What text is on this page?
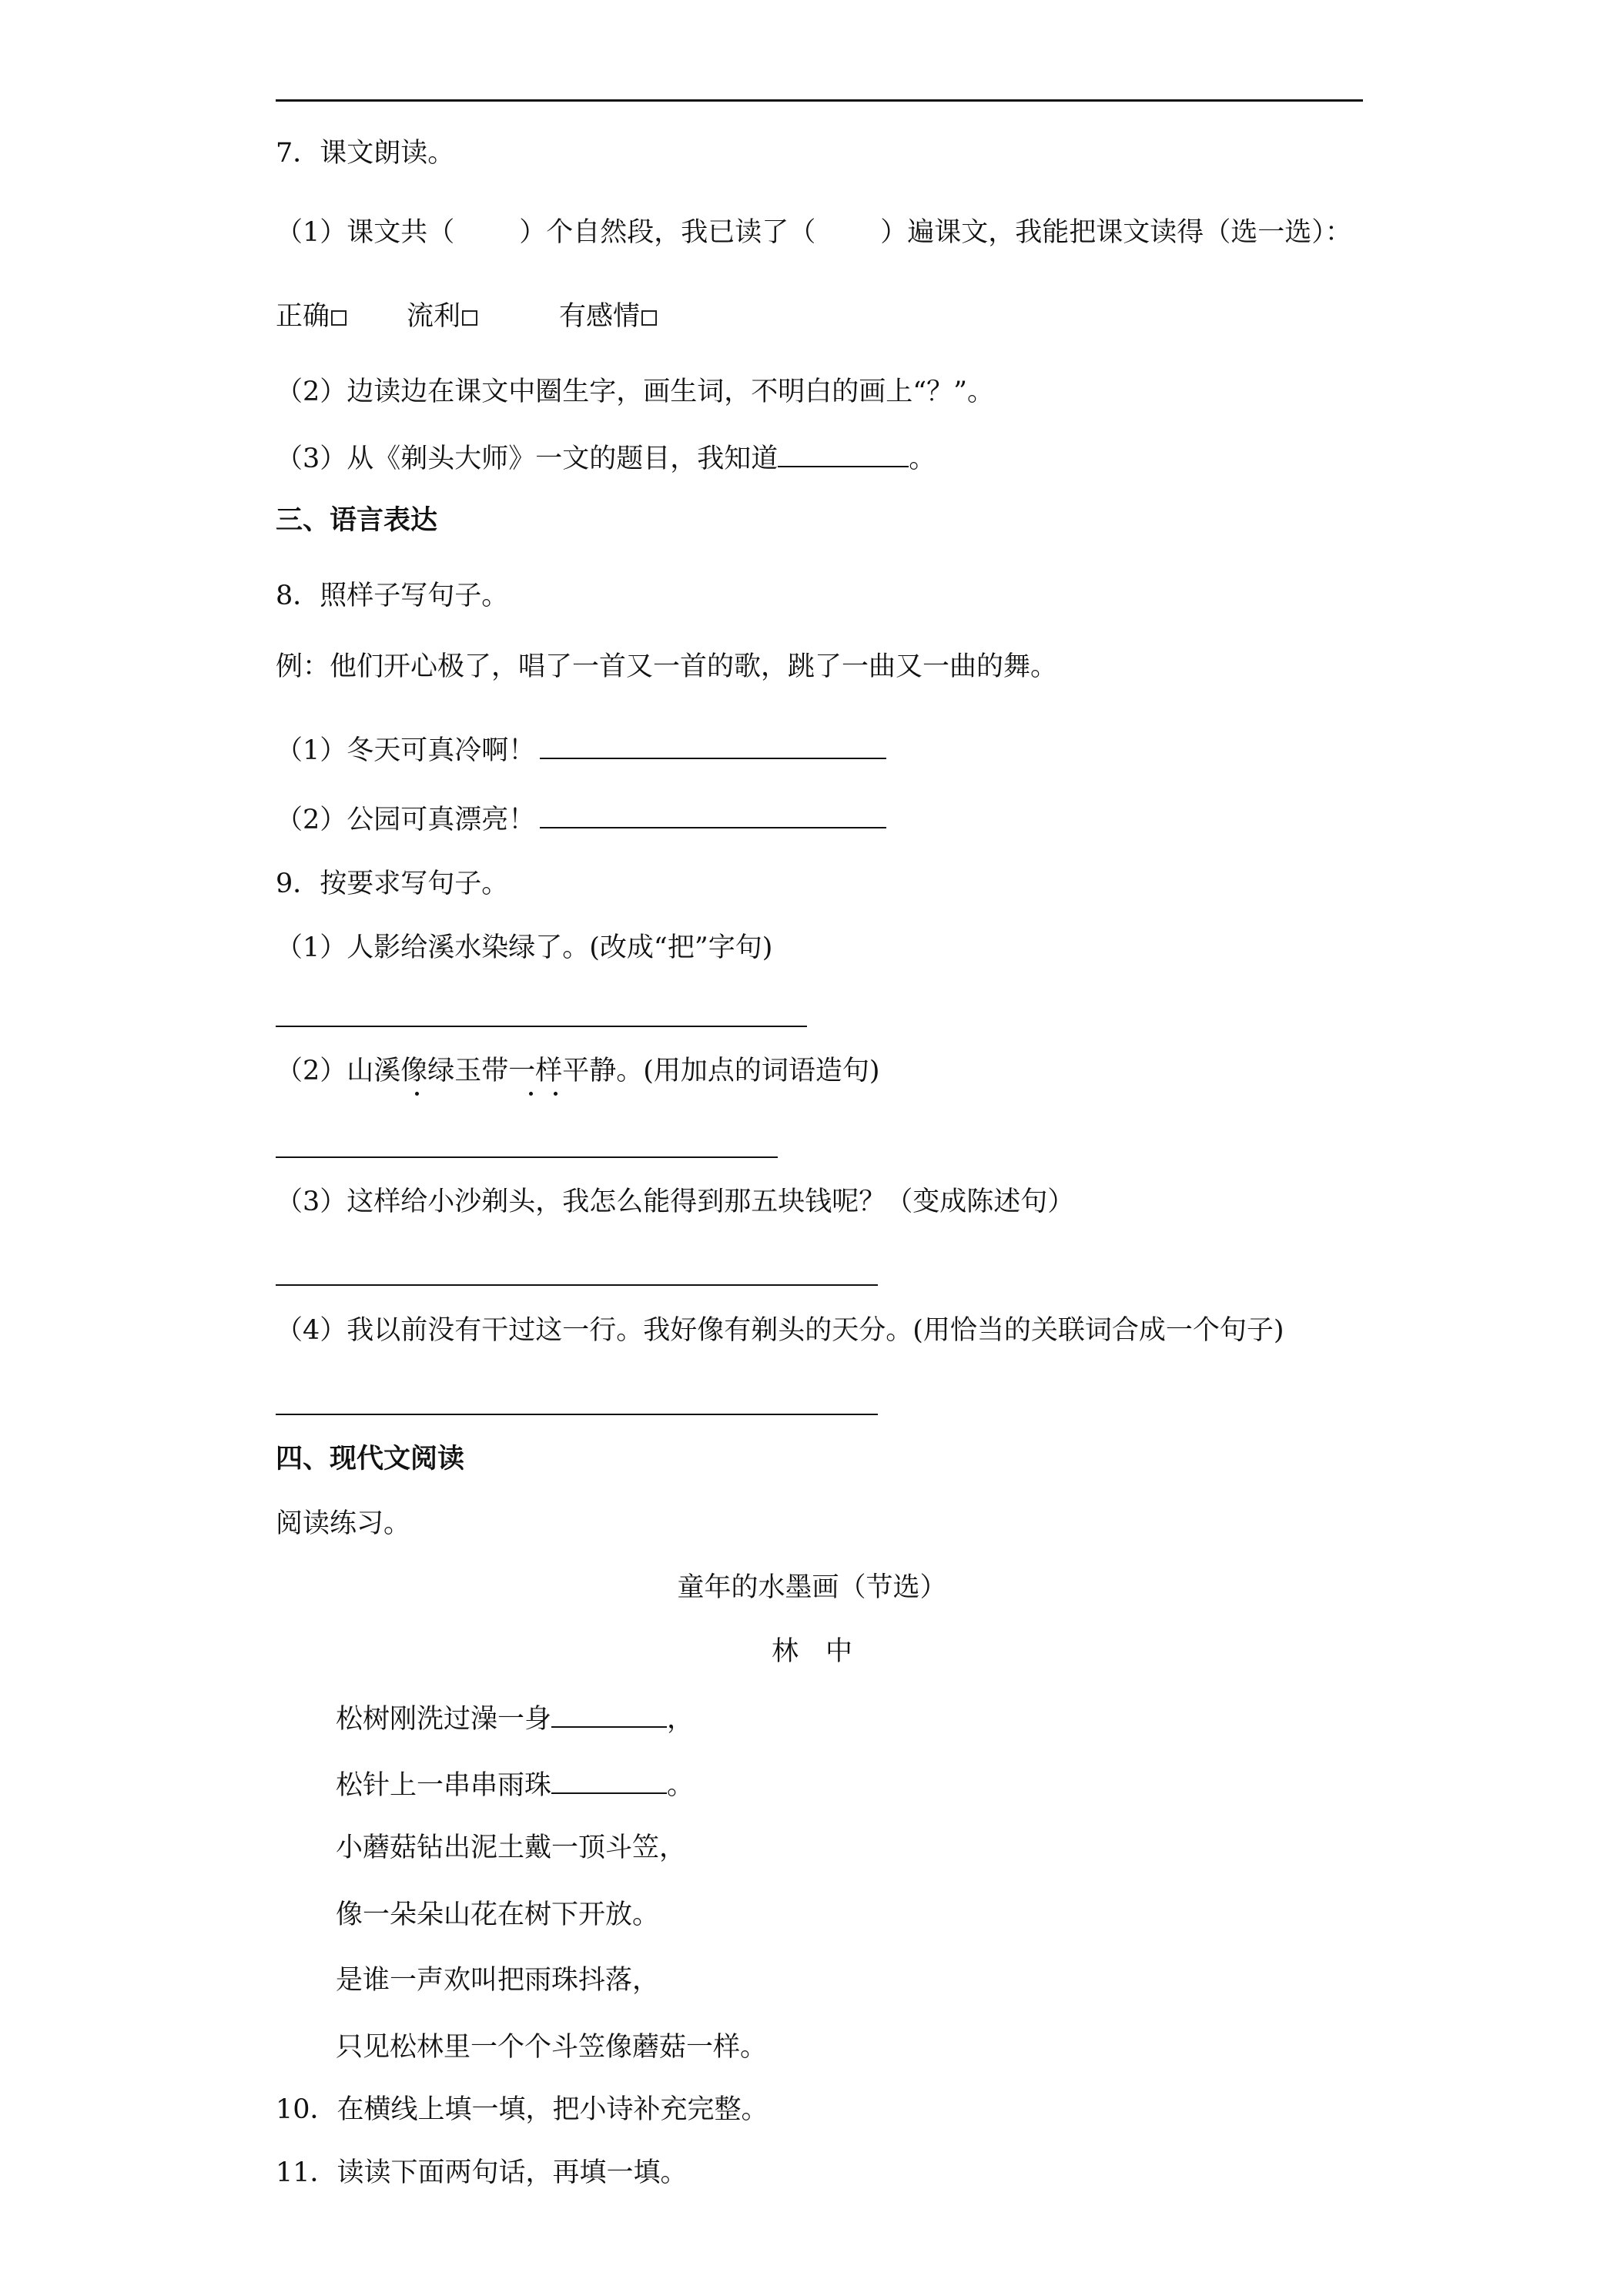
7．课文朗读。
（1）课文共（ ）个自然段，我已读了（ ）遍课文，我能把课文读得（选一选）：
正确	流利	有感情
（2）边读边在课文中圈生字，画生词，不明白的画上“？”。
（3）从《剃头大师》一文的题目，我知道	。
三、语言表达
8．照样子写句子。
例：他们开心极了，唱了一首又一首的歌，跳了一曲又一曲的舞。
（1）冬天可真冷啊！
（2）公园可真漂亮！
9．按要求写句子。
（1）人影给溪水染绿了。(改成“把”字句)
（2）山溪像绿玉带一样平静。(用加点的词语造句)
（3）这样给小沙剃头，我怎么能得到那五块钱呢？（变成陈述句）
（4）我以前没有干过这一行。我好像有剃头的天分。(用恰当的关联词合成一个句子)
四、现代文阅读
阅读练习。
童年的水墨画（节选）
林　中
松树刚洗过澡一身	，
松针上一串串雨珠	。
小蘑菇钻出泥土戴一顶斗笠，
像一朵朵山花在树下开放。
是谁一声欢叫把雨珠抖落，
只见松林里一个个斗笠像蘑菇一样。
10．在横线上填一填，把小诗补充完整。
11．读读下面两句话，再填一填。
